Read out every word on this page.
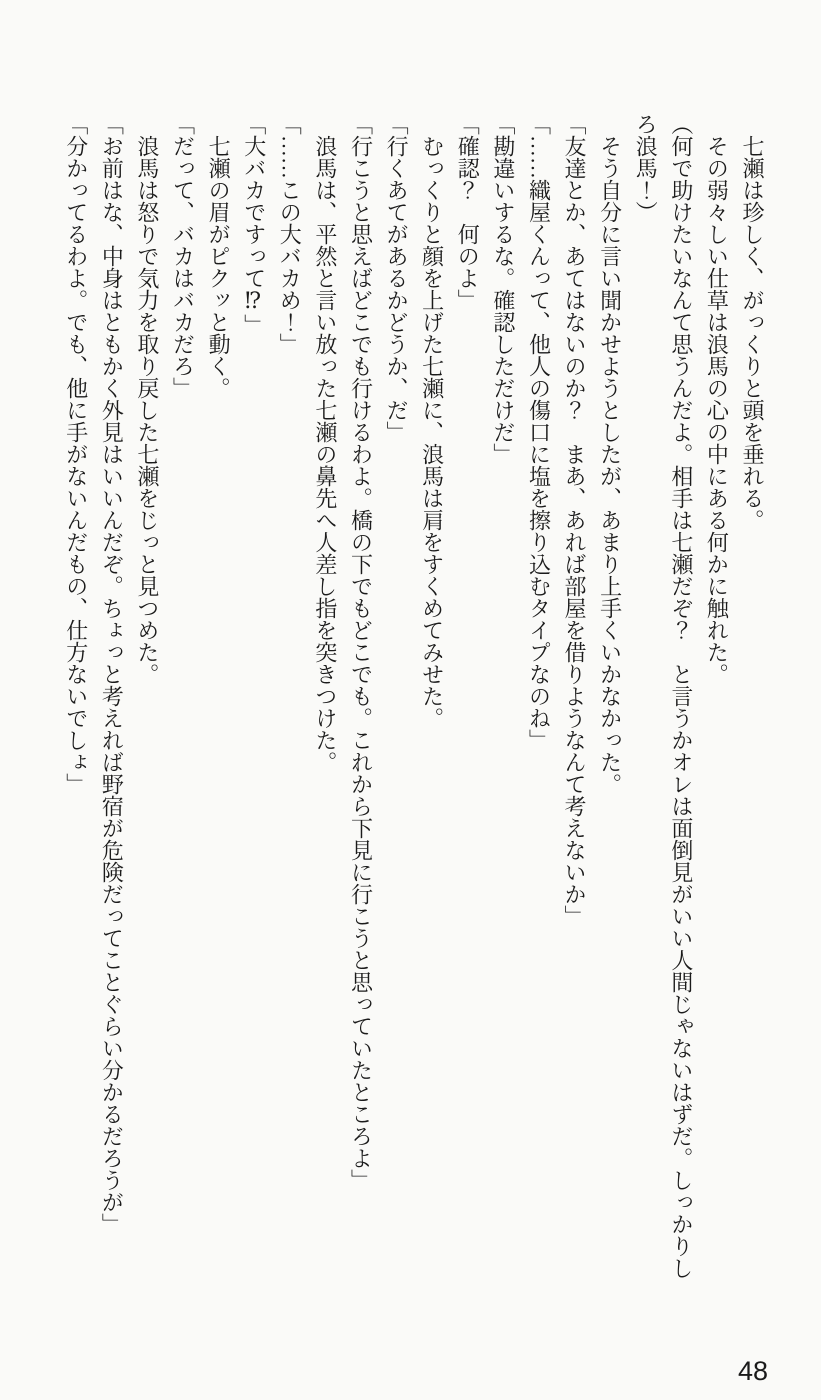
　七瀬は珍しく、がっくりと頭を垂れる。

　その弱々しい仕草は浪馬の心の中にある何かに触れた。

（何で助けたいなんて思うんだよ。相手は七瀬だぞ？　と言うかオレは面倒見がいい人間じゃないはずだ。しっかりしろ浪馬！）

　そう自分に言い聞かせようとしたが、あまり上手くいかなかった。

「友達とか、あてはないのか？　まあ、あれば部屋を借りようなんて考えないか」

「……織屋くんって、他人の傷口に塩を擦り込むタイプなのね」

「勘違いするな。確認しただけだ」

「確認？　何のよ」

　むっくりと顔を上げた七瀬に、浪馬は肩をすくめてみせた。

「行くあてがあるかどうか、だ」

「行こうと思えばどこでも行けるわよ。橋の下でもどこでも。これから下見に行こうと思っていたところよ」

　浪馬は、平然と言い放った七瀬の鼻先へ人差し指を突きつけた。

「……この大バカめ！」

「大バカですって⁉」

　七瀬の眉がピクッと動く。

「だって、バカはバカだろ」

　浪馬は怒りで気力を取り戻した七瀬をじっと見つめた。

「お前はな、中身はともかく外見はいいんだぞ。ちょっと考えれば野宿が危険だってことぐらい分かるだろうが」

「分かってるわよ。でも、他に手がないんだもの、仕方ないでしょ」

48
